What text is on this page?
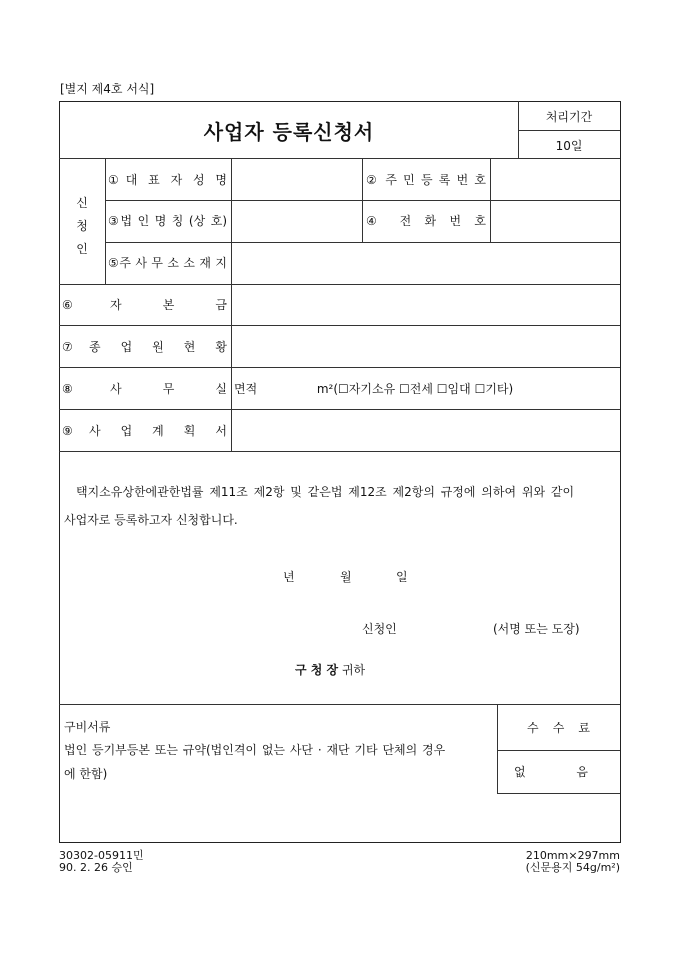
[별지 제4호 서식]
사업자 등록신청서
처리기간
10일
신
청
인
①대 표 자 성 명	② 주 민 등 록 번 호
③법 인 명 칭 (상 호)	④ 전 화 번 호
⑤주 사 무 소 소 재 지
⑥자 본 금
⑦종 업 원 현 황
⑧사 무 실 면적	m²(☐자기소유 ☐전세 ☐임대 ☐기타)
⑨사 업 계 획 서
택지소유상한에관한법률 제11조 제2항 및 같은법 제12조 제2항의 규정에 의하여 위와 같이
사업자로 등록하고자 신청합니다.
년	월	일
신청인	(서명 또는 도장)
구 청 장 귀하
구비서류
법인 등기부등본 또는 규약(법인격이 없는 사단 · 재단 기타 단체의 경우
에 한함)
수 수 료
없 음
30302-05911민
90. 2. 26 승인
210mm×297mm
(신문용지 54g/m²)
